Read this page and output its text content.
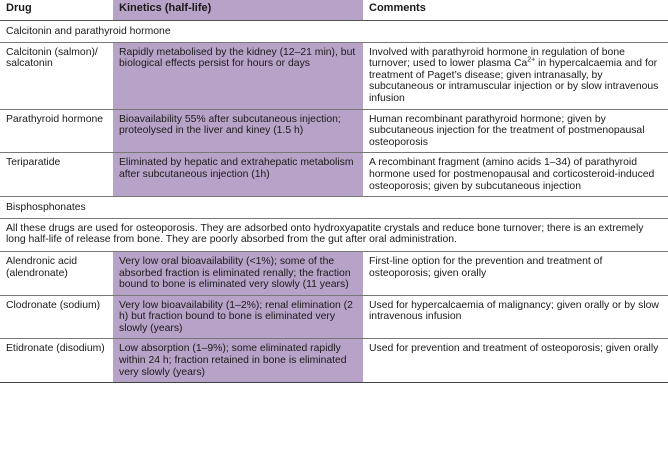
Drug	Kinetics (half-life)	Comments
Calcitonin and parathyroid hormone		
Calcitonin (salmon)/ salcatonin	Rapidly metabolised by the kidney (12–21 min), but biological effects persist for hours or days	Involved with parathyroid hormone in regulation of bone turnover; used to lower plasma $Ca^{2+}$ in hypercalcaemia and for treatment of Paget’s disease; given intranasally, by subcutaneous or intramuscular injection or by slow intravenous infusion
Parathyroid hormone	Bioavailability 55% after subcutaneous injection; proteolysed in the liver and kiney (1.5 h)	Human recombinant parathyroid hormone; given by subcutaneous injection for the treatment of postmenopausal osteoporosis
Teriparatide	Eliminated by hepatic and extrahepatic metabolism after subcutaneous injection (1h)	A recombinant fragment (amino acids 1–34) of parathyroid hormone used for postmenopausal and corticosteroid-induced osteoporosis; given by subcutaneous injection
Bisphosphonates		
All these drugs are used for osteoporosis. They are adsorbed onto hydroxyapatite crystals and reduce bone turnover; there is an extremely long half-life of release from bone. They are poorly absorbed from the gut after oral administration.		
Alendronic acid (alendronate)	Very low oral bioavailability (<1%); some of the absorbed fraction is eliminated renally; the fraction bound to bone is eliminated very slowly (11 years)	First-line option for the prevention and treatment of osteoporosis; given orally
Clodronate (sodium)	Very low bioavailability (1–2%); renal elimination (2 h) but fraction bound to bone is eliminated very slowly (years)	Used for hypercalcaemia of malignancy; given orally or by slow intravenous infusion
Etidronate (disodium)	Low absorption (1–9%); some eliminated rapidly within 24 h; fraction retained in bone is eliminated very slowly (years)	Used for prevention and treatment of osteoporosis; given orally
